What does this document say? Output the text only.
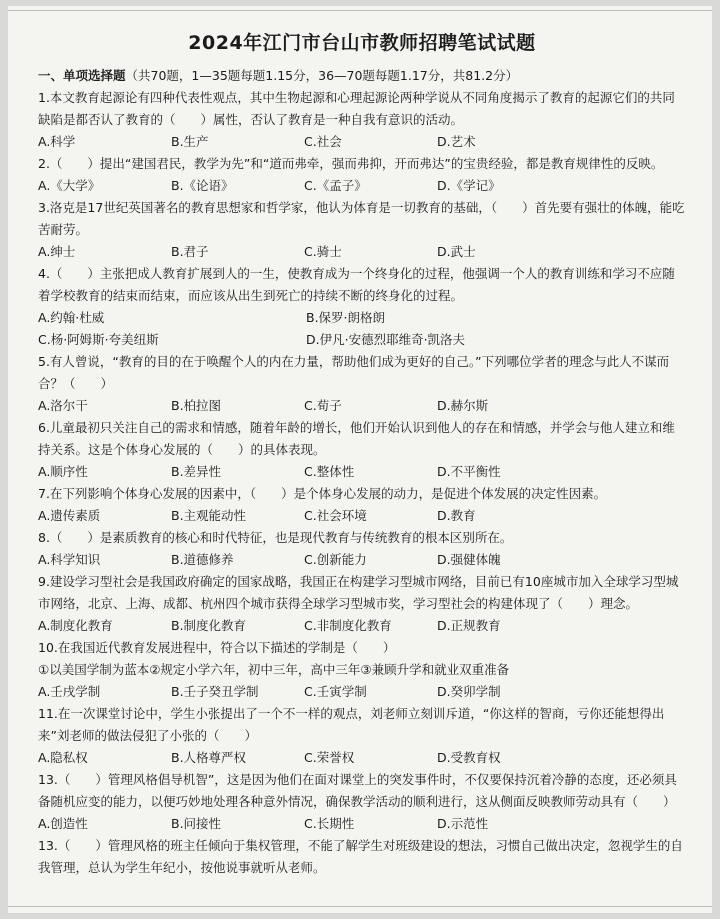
2024年江门市台山市教师招聘笔试试题
一、单项选择题（共70题，1—35题每题1.15分，36—70题每题1.17分，共81.2分）

1.本文教育起源论有四种代表性观点，其中生物起源和心理起源论两种学说从不同角度揭示了教育的起源它们的共同缺陷是都否认了教育的（　　）属性，否认了教育是一种自我有意识的活动。

A.科学	B.生产	C.社会	D.艺术

2.（　　）提出“建国君民，教学为先”和“道而弗牵，强而弗抑，开而弗达”的宝贵经验，都是教育规律性的反映。

A.《大学》	B.《论语》	C.《孟子》	D.《学记》

3.洛克是17世纪英国著名的教育思想家和哲学家，他认为体育是一切教育的基础，（　　）首先要有强壮的体魄，能吃苦耐劳。

A.绅士	B.君子	C.骑士	D.武士

4.（　　）主张把成人教育扩展到人的一生，使教育成为一个终身化的过程，他强调一个人的教育训练和学习不应随着学校教育的结束而结束，而应该从出生到死亡的持续不断的终身化的过程。

A.约翰·杜威	B.保罗·朗格朗
C.杨·阿姆斯·夸美纽斯	D.伊凡·安德烈耶维奇·凯洛夫

5.有人曾说，“教育的目的在于唤醒个人的内在力量，帮助他们成为更好的自己。”下列哪位学者的理念与此人不谋而合？（　　）

A.洛尔干	B.柏拉图	C.荀子	D.赫尔斯

6.儿童最初只关注自己的需求和情感，随着年龄的增长，他们开始认识到他人的存在和情感，并学会与他人建立和维持关系。这是个体身心发展的（　　）的具体表现。

A.顺序性	B.差异性	C.整体性	D.不平衡性

7.在下列影响个体身心发展的因素中，（　　）是个体身心发展的动力，是促进个体发展的决定性因素。

A.遗传素质	B.主观能动性	C.社会环境	D.教育

8.（　　）是素质教育的核心和时代特征，也是现代教育与传统教育的根本区别所在。

A.科学知识	B.道德修养	C.创新能力	D.强健体魄

9.建设学习型社会是我国政府确定的国家战略，我国正在构建学习型城市网络，目前已有10座城市加入全球学习型城市网络，北京、上海、成都、杭州四个城市获得全球学习型城市奖，学习型社会的构建体现了（　　）理念。

A.制度化教育	B.制度化教育	C.非制度化教育	D.正规教育

10.在我国近代教育发展进程中，符合以下描述的学制是（　　）

①以美国学制为蓝本②规定小学六年，初中三年，高中三年③兼顾升学和就业双重准备

A.壬戌学制	B.壬子癸丑学制	C.壬寅学制	D.癸卯学制

11.在一次课堂讨论中，学生小张提出了一个不一样的观点，刘老师立刻训斥道，“你这样的智商，亏你还能想得出来”刘老师的做法侵犯了小张的（　　）

A.隐私权	B.人格尊严权	C.荣誉权	D.受教育权

13.（　　）管理风格倡导机智”，这是因为他们在面对课堂上的突发事件时，不仅要保持沉着冷静的态度，还必须具备随机应变的能力，以便巧妙地处理各种意外情况，确保教学活动的顺利进行，这从侧面反映教师劳动具有（　　）

A.创造性	B.问接性	C.长期性	D.示范性

13.（　　）管理风格的班主任倾向于集权管理，不能了解学生对班级建设的想法，习惯自己做出决定，忽视学生的自我管理，总认为学生年纪小，按他说事就听从老师。
